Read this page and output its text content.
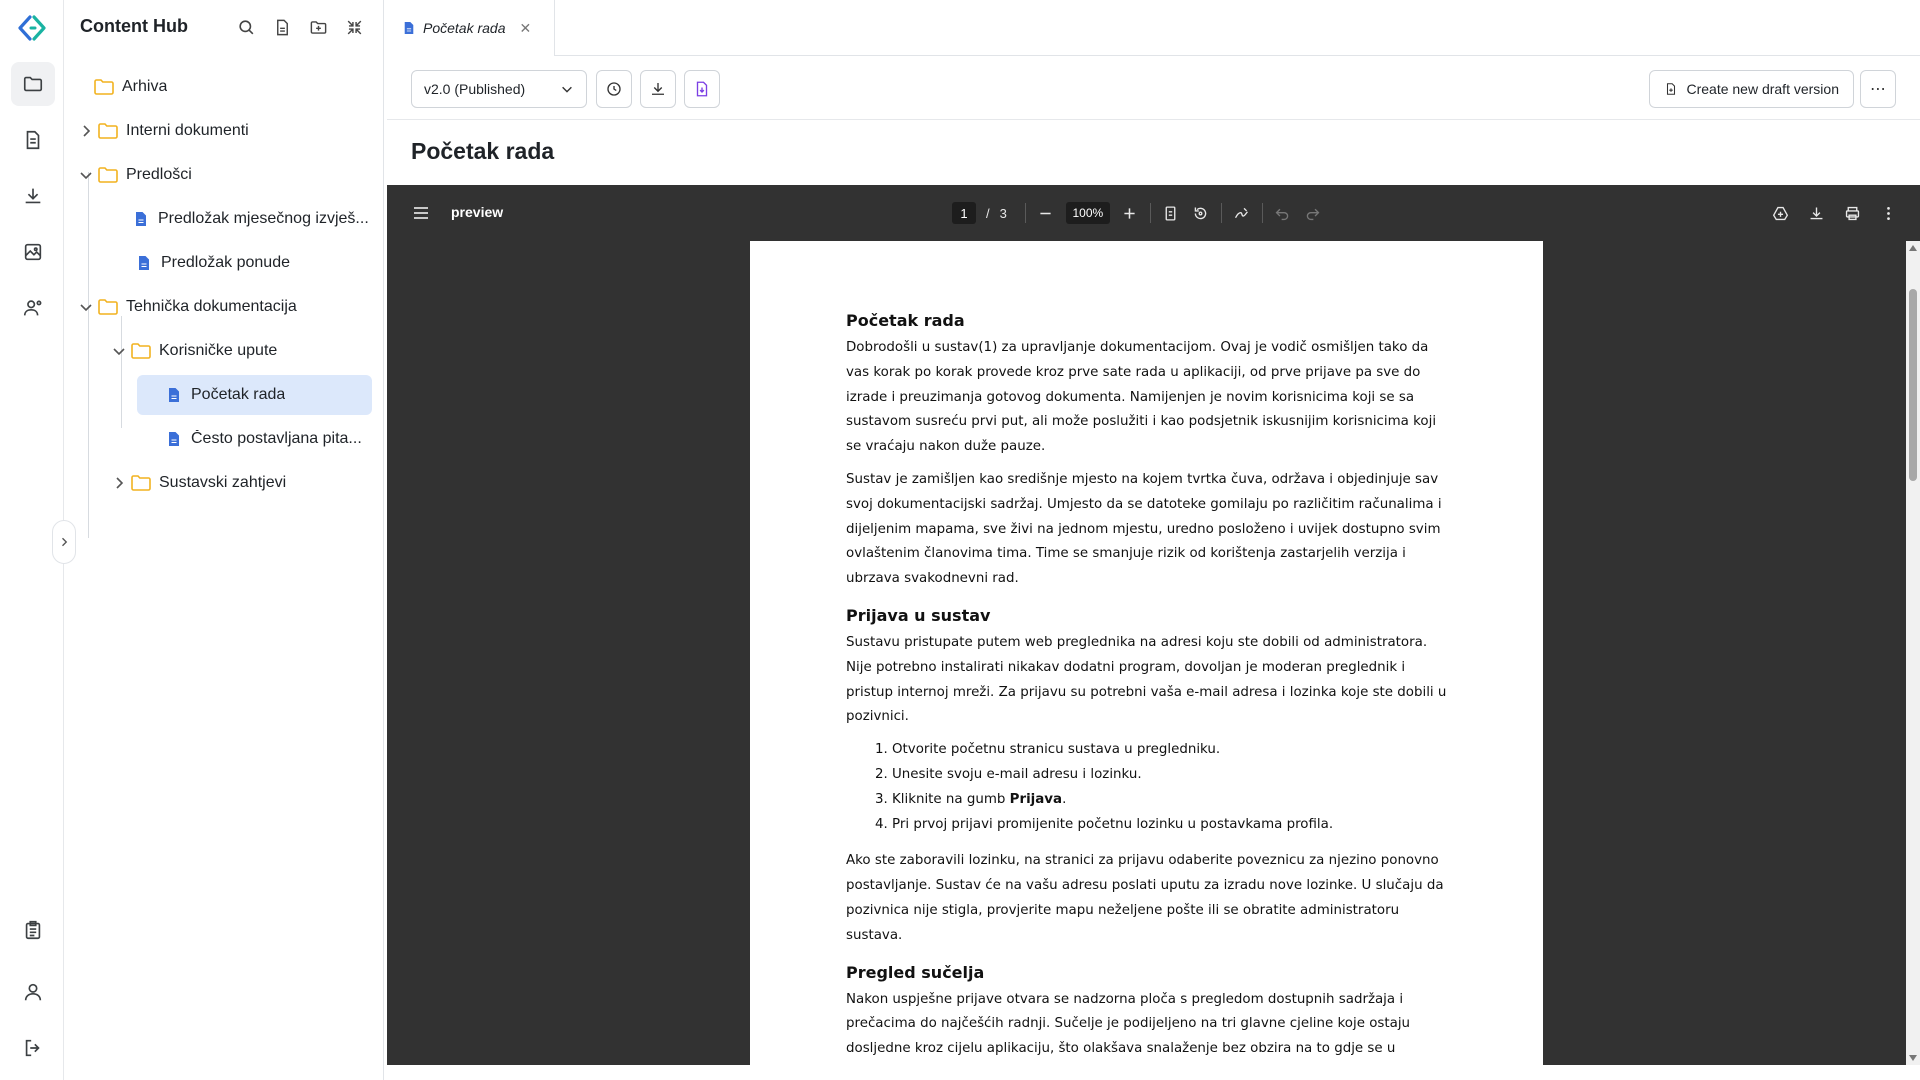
Content Hub
Arhiva
Interni dokumenti
Predlošci
Predložak mjesečnog izvješ...
Predložak ponude
Tehnička dokumentacija
Korisničke upute
Početak rada
Često postavljana pita...
Sustavski zahtjevi
Početak rada ✕
v2.0 (Published)	Create new draft version ⋯
Početak rada
preview	1	/ 3	100%
Početak rada

Dobrodošli u sustav(1) za upravljanje dokumentacijom. Ovaj je vodič osmišljen tako da vas korak po korak provede kroz prve sate rada u aplikaciji, od prve prijave pa sve do izrade i preuzimanja gotovog dokumenta. Namijenjen je novim korisnicima koji se sa sustavom susreću prvi put, ali može poslužiti i kao podsjetnik iskusnijim korisnicima koji se vraćaju nakon duže pauze.

Sustav je zamišljen kao središnje mjesto na kojem tvrtka čuva, održava i objedinjuje sav svoj dokumentacijski sadržaj. Umjesto da se datoteke gomilaju po različitim računalima i dijeljenim mapama, sve živi na jednom mjestu, uredno posloženo i uvijek dostupno svim ovlaštenim članovima tima. Time se smanjuje rizik od korištenja zastarjelih verzija i ubrzava svakodnevni rad.

Prijava u sustav

Sustavu pristupate putem web preglednika na adresi koju ste dobili od administratora. Nije potrebno instalirati nikakav dodatni program, dovoljan je moderan preglednik i pristup internoj mreži. Za prijavu su potrebni vaša e-mail adresa i lozinka koje ste dobili u pozivnici.

1. Otvorite početnu stranicu sustava u pregledniku.
2. Unesite svoju e-mail adresu i lozinku.
3. Kliknite na gumb Prijava.
4. Pri prvoj prijavi promijenite početnu lozinku u postavkama profila.

Ako ste zaboravili lozinku, na stranici za prijavu odaberite poveznicu za njezino ponovno postavljanje. Sustav će na vašu adresu poslati uputu za izradu nove lozinke. U slučaju da pozivnica nije stigla, provjerite mapu neželjene pošte ili se obratite administratoru sustava.

Pregled sučelja

Nakon uspješne prijave otvara se nadzorna ploča s pregledom dostupnih sadržaja i prečacima do najčešćih radnji. Sučelje je podijeljeno na tri glavne cjeline koje ostaju dosljedne kroz cijelu aplikaciju, što olakšava snalaženje bez obzira na to gdje se u
